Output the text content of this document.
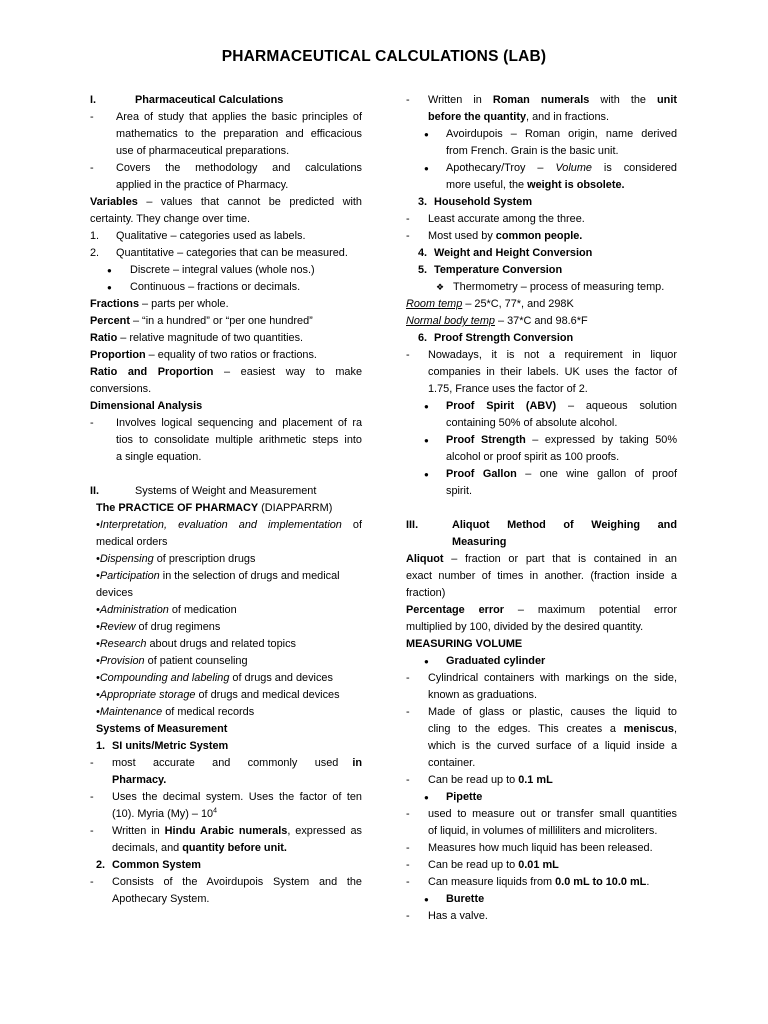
PHARMACEUTICAL CALCULATIONS (LAB)
I.	Pharmaceutical Calculations
- Area of study that applies the basic principles of
mathematics to the preparation and efficacious
use of pharmaceutical preparations.
- Covers the methodology and calculations
applied in the practice of Pharmacy.
Variables – values that cannot be predicted with
certainty. They change over time.
1. Qualitative – categories used as labels.
2. Quantitative – categories that can be measured.
● Discrete – integral values (whole nos.)
● Continuous – fractions or decimals.
Fractions – parts per whole.
Percent – “in a hundred” or “per one hundred”
Ratio – relative magnitude of two quantities.
Proportion – equality of two ratios or fractions.
Ratio and Proportion – easiest way to make
conversions.
Dimensional Analysis
- Involves logical sequencing and placement of ra
tios to consolidate multiple arithmetic steps into
a single equation.
II.	Systems of Weight and Measurement
The PRACTICE OF PHARMACY (DIAPPARRM)
•Interpretation, evaluation and implementation of
medical orders
•Dispensing of prescription drugs
•Participation in the selection of drugs and medical
devices
•Administration of medication
•Review of drug regimens
•Research about drugs and related topics
•Provision of patient counseling
•Compounding and labeling of drugs and devices
•Appropriate storage of drugs and medical devices
•Maintenance of medical records
Systems of Measurement
1. SI units/Metric System
- most accurate and commonly used	in
Pharmacy.
- Uses the decimal system. Uses the factor of ten
(10). Myria $(My) - 10^4$
- Written in Hindu Arabic numerals, expressed as
decimals, and quantity before unit.
2. Common System
- Consists of the Avoirdupois System and the
Apothecary System.
- Written in Roman numerals with the unit
before the quantity, and in fractions.
● Avoirdupois – Roman origin, name derived
from French. Grain is the basic unit.
● Apothecary/Troy – Volume is considered
more useful, the weight is obsolete.
3. Household System
- Least accurate among the three.
- Most used by common people.
4. Weight and Height Conversion
5. Temperature Conversion
❖ Thermometry – process of measuring temp.
Room temp – 25*C, 77*, and 298K
Normal body temp – 37*C and 98.6*F
6. Proof Strength Conversion
- Nowadays, it is not a requirement in liquor
companies in their labels. UK uses the factor of
1.75, France uses the factor of 2.
● Proof Spirit (ABV) – aqueous solution
containing 50% of absolute alcohol.
● Proof Strength – expressed by taking 50%
alcohol or proof spirit as 100 proofs.
● Proof Gallon – one wine gallon of proof
spirit.
III.	Aliquot Method of Weighing and
Measuring
Aliquot – fraction or part that is contained in an
exact number of times in another. (fraction inside a
fraction)
Percentage error – maximum potential error
multiplied by 100, divided by the desired quantity.
MEASURING VOLUME
● Graduated cylinder
- Cylindrical containers with markings on the side,
known as graduations.
- Made of glass or plastic, causes the liquid to
cling to the edges. This creates a meniscus,
which is the curved surface of a liquid inside a
container.
- Can be read up to 0.1 mL
● Pipette
- used to measure out or transfer small quantities
of liquid, in volumes of milliliters and microliters.
- Measures how much liquid has been released.
- Can be read up to 0.01 mL
- Can measure liquids from 0.0 mL to 10.0 mL.
● Burette
- Has a valve.
